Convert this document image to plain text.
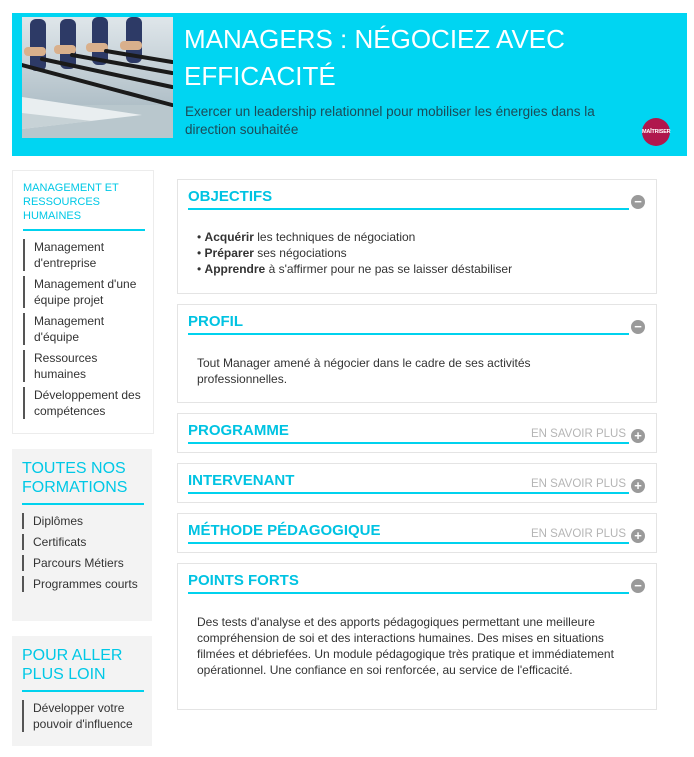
MANAGERS : NÉGOCIEZ AVEC EFFICACITÉ
Exercer un leadership relationnel pour mobiliser les énergies dans la direction souhaitée	MAÎTRISER
MANAGEMENT ET RESSOURCES HUMAINES
Management d'entreprise
Management d'une équipe projet
Management d'équipe
Ressources humaines
Développement des compétences
TOUTES NOS FORMATIONS
Diplômes
Certificats
Parcours Métiers
Programmes courts
POUR ALLER PLUS LOIN
Développer votre pouvoir d'influence
OBJECTIFS	−
• Acquérir les techniques de négociation
• Préparer ses négociations
• Apprendre à s'affirmer pour ne pas se laisser déstabiliser
PROFIL	−
Tout Manager amené à négocier dans le cadre de ses activités professionnelles.
PROGRAMME	EN SAVOIR PLUS +
INTERVENANT	EN SAVOIR PLUS +
MÉTHODE PÉDAGOGIQUE	EN SAVOIR PLUS +
POINTS FORTS	−
Des tests d'analyse et des apports pédagogiques permettant une meilleure compréhension de soi et des interactions humaines. Des mises en situations filmées et débriefées. Un module pédagogique très pratique et immédiatement opérationnel. Une confiance en soi renforcée, au service de l'efficacité.
